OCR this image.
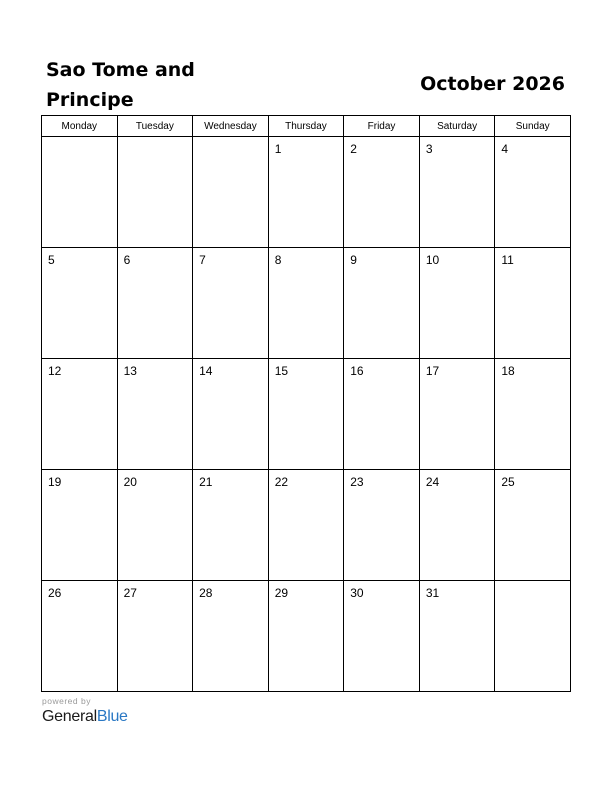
Sao Tome and Principe
October 2026
Monday	Tuesday	Wednesday	Thursday	Friday	Saturday	Sunday

			1	2	3	4

5	6	7	8	9	10	11

12	13	14	15	16	17	18

19	20	21	22	23	24	25

26	27	28	29	30	31	

powered by
GeneralBlue
